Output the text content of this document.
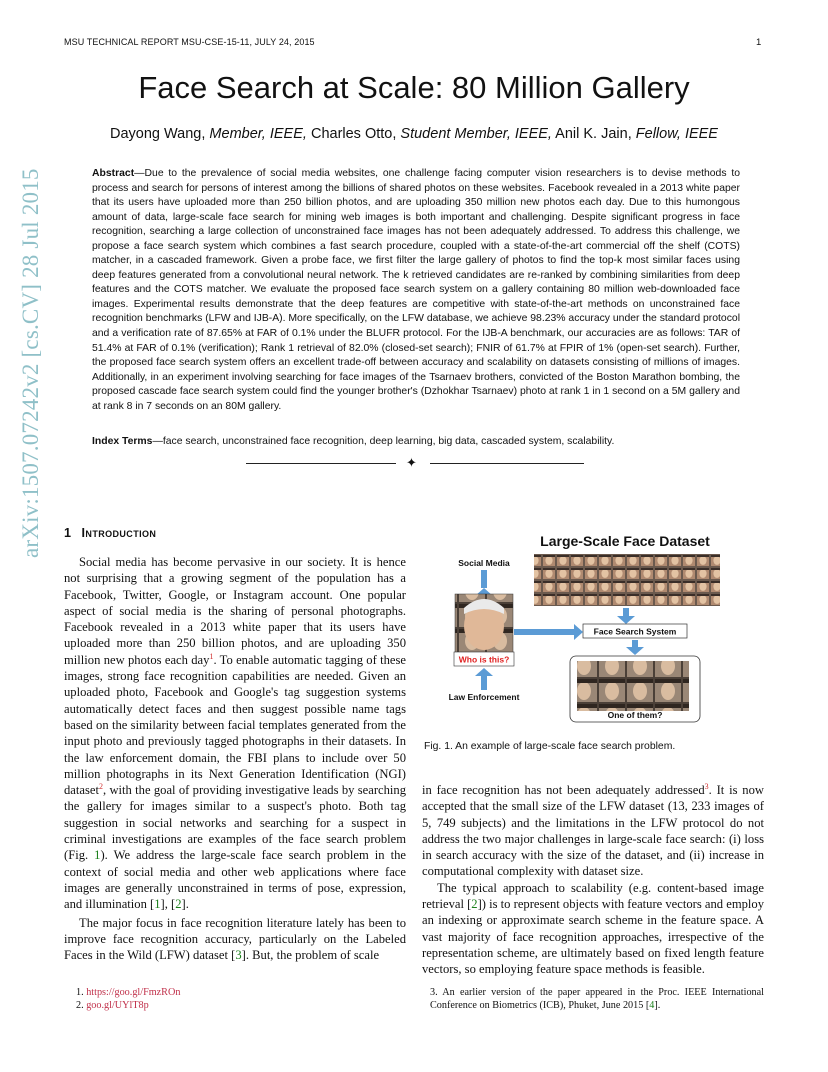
MSU TECHNICAL REPORT MSU-CSE-15-11, JULY 24, 2015	1
Face Search at Scale: 80 Million Gallery
Dayong Wang, Member, IEEE, Charles Otto, Student Member, IEEE, Anil K. Jain, Fellow, IEEE
arXiv:1507.07242v2 [cs.CV] 28 Jul 2015	Abstract—Due to the prevalence of social media websites, one challenge facing computer vision researchers is to devise methods to process and search for persons of interest among the billions of shared photos on these websites. Facebook revealed in a 2013 white paper that its users have uploaded more than 250 billion photos, and are uploading 350 million new photos each day. Due to this humongous amount of data, large-scale face search for mining web images is both important and challenging. Despite significant progress in face recognition, searching a large collection of unconstrained face images has not been adequately addressed. To address this challenge, we propose a face search system which combines a fast search procedure, coupled with a state-of-the-art commercial off the shelf (COTS) matcher, in a cascaded framework. Given a probe face, we first filter the large gallery of photos to find the top-k most similar faces using deep features generated from a convolutional neural network. The k retrieved candidates are re-ranked by combining similarities from deep features and the COTS matcher. We evaluate the proposed face search system on a gallery containing 80 million web-downloaded face images. Experimental results demonstrate that the deep features are competitive with state-of-the-art methods on unconstrained face recognition benchmarks (LFW and IJB-A). More specifically, on the LFW database, we achieve 98.23% accuracy under the standard protocol and a verification rate of 87.65% at FAR of 0.1% under the BLUFR protocol. For the IJB-A benchmark, our accuracies are as follows: TAR of 51.4% at FAR of 0.1% (verification); Rank 1 retrieval of 82.0% (closed-set search); FNIR of 61.7% at FPIR of 1% (open-set search). Further, the proposed face search system offers an excellent trade-off between accuracy and scalability on datasets consisting of millions of images. Additionally, in an experiment involving searching for face images of the Tsarnaev brothers, convicted of the Boston Marathon bombing, the proposed cascade face search system could find the younger brother's (Dzhokhar Tsarnaev) photo at rank 1 in 1 second on a 5M gallery and at rank 8 in 7 seconds on an 80M gallery.
Index Terms—face search, unconstrained face recognition, deep learning, big data, cascaded system, scalability.
✦
1 Introduction

Social media has become pervasive in our society. It is hence not surprising that a growing segment of the population has a Facebook, Twitter, Google, or Instagram account. One popular aspect of social media is the sharing of personal photographs. Facebook revealed in a 2013 white paper that its users have uploaded more than 250 billion photos, and are uploading 350 million new photos each day$^1$. To enable automatic tagging of these images, strong face recognition capabilities are needed. Given an uploaded photo, Facebook and Google's tag suggestion systems automatically detect faces and then suggest possible name tags based on the similarity between facial templates generated from the input photo and previously tagged photographs in their datasets. In the law enforcement domain, the FBI plans to include over 50 million photographs in its Next Generation Identification (NGI) dataset$^2$, with the goal of providing investigative leads by searching the gallery for images similar to a suspect's photo. Both tag suggestion in social networks and searching for a suspect in criminal investigations are examples of the face search problem (Fig. 1). We address the large-scale face search problem in the context of social media and other web applications where face images are generally unconstrained in terms of pose, expression, and illumination [1], [2].

The major focus in face recognition literature lately has been to improve face recognition accuracy, particularly on the Labeled Faces in the Wild (LFW) dataset [3]. But, the problem of scale

Large-Scale Face Dataset
Social Media
Who is this?
Law Enforcement
Face Search System
One of them?
Fig. 1. An example of large-scale face search problem.

in face recognition has not been adequately addressed$^3$. It is now accepted that the small size of the LFW dataset (13, 233 images of 5, 749 subjects) and the limitations in the LFW protocol do not address the two major challenges in large-scale face search: (i) loss in search accuracy with the size of the dataset, and (ii) increase in computational complexity with dataset size.

The typical approach to scalability (e.g. content-based image retrieval [2]) is to represent objects with feature vectors and employ an indexing or approximate search scheme in the feature space. A vast majority of face recognition approaches, irrespective of the representation scheme, are ultimately based on fixed length feature vectors, so employing feature space methods is feasible.

1. https://goo.gl/FmzROn
2. goo.gl/UYlT8p
3. An earlier version of the paper appeared in the Proc. IEEE International Conference on Biometrics (ICB), Phuket, June 2015 [4].
